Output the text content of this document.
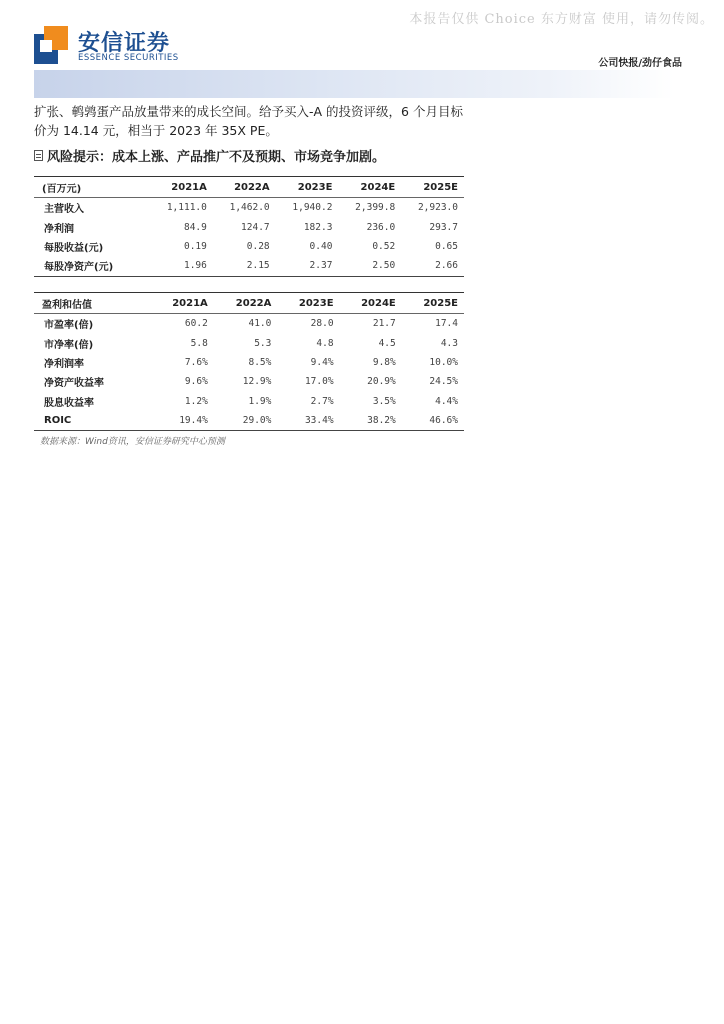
本报告仅供 Choice 东方财富 使用，请勿传阅。
安信证券
ESSENCE SECURITIES	公司快报/劲仔食品
扩张、鹌鹑蛋产品放量带来的成长空间。给予买入-A 的投资评级，6 个月目标价为 14.14 元，相当于 2023 年 35X PE。
风险提示：成本上涨、产品推广不及预期、市场竞争加剧。
(百万元)	2021A	2022A	2023E	2024E	2025E
主营收入	1,111.0	1,462.0	1,940.2	2,399.8	2,923.0
净利润	84.9	124.7	182.3	236.0	293.7
每股收益(元)	0.19	0.28	0.40	0.52	0.65
每股净资产(元)	1.96	2.15	2.37	2.50	2.66
盈利和估值	2021A	2022A	2023E	2024E	2025E
市盈率(倍)	60.2	41.0	28.0	21.7	17.4
市净率(倍)	5.8	5.3	4.8	4.5	4.3
净利润率	7.6%	8.5%	9.4%	9.8%	10.0%
净资产收益率	9.6%	12.9%	17.0%	20.9%	24.5%
股息收益率	1.2%	1.9%	2.7%	3.5%	4.4%
ROIC	19.4%	29.0%	33.4%	38.2%	46.6%
数据来源：Wind资讯，安信证券研究中心预测
